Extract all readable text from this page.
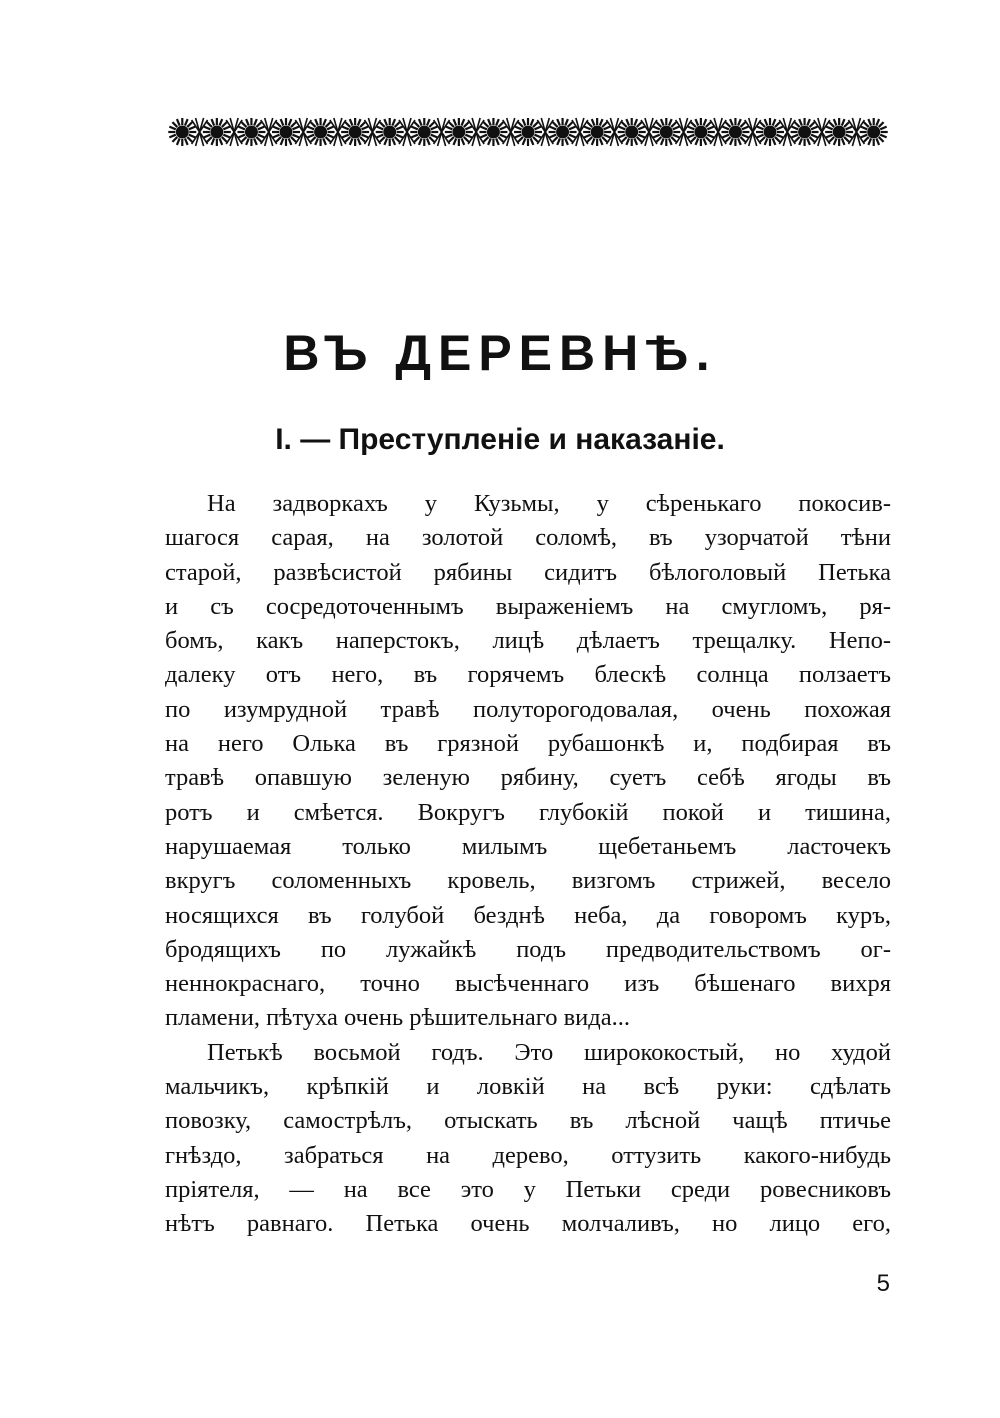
ВЪ ДЕРЕВНѢ.
I. — Преступленіе и наказаніе.
На задворкахъ у Кузьмы, у сѣренькаго покосив-
шагося сарая, на золотой соломѣ, въ узорчатой тѣни
старой, развѣсистой рябины сидитъ бѣлоголовый Петька
и съ сосредоточеннымъ выраженіемъ на смугломъ, ря-
бомъ, какъ наперстокъ, лицѣ дѣлаетъ трещалку. Непо-
далеку отъ него, въ горячемъ блескѣ солнца ползаетъ
по изумрудной травѣ полуторогодовалая, очень похожая
на него Олька въ грязной рубашонкѣ и, подбирая въ
травѣ опавшую зеленую рябину, суетъ себѣ ягоды въ
ротъ и смѣется. Вокругъ глубокій покой и тишина,
нарушаемая только милымъ щебетаньемъ ласточекъ
вкругъ соломенныхъ кровель, визгомъ стрижей, весело
носящихся въ голубой безднѣ неба, да говоромъ куръ,
бродящихъ по лужайкѣ подъ предводительствомъ ог-
неннокраснаго, точно высѣченнаго изъ бѣшенаго вихря
пламени, пѣтуха очень рѣшительнаго вида...
Петькѣ восьмой годъ. Это ширококостый, но худой
мальчикъ, крѣпкій и ловкій на всѣ руки: сдѣлать
повозку, самострѣлъ, отыскать въ лѣсной чащѣ птичье
гнѣздо, забраться на дерево, оттузить какого-нибудь
пріятеля, — на все это у Петьки среди ровесниковъ
нѣтъ равнаго. Петька очень молчаливъ, но лицо его,
5
